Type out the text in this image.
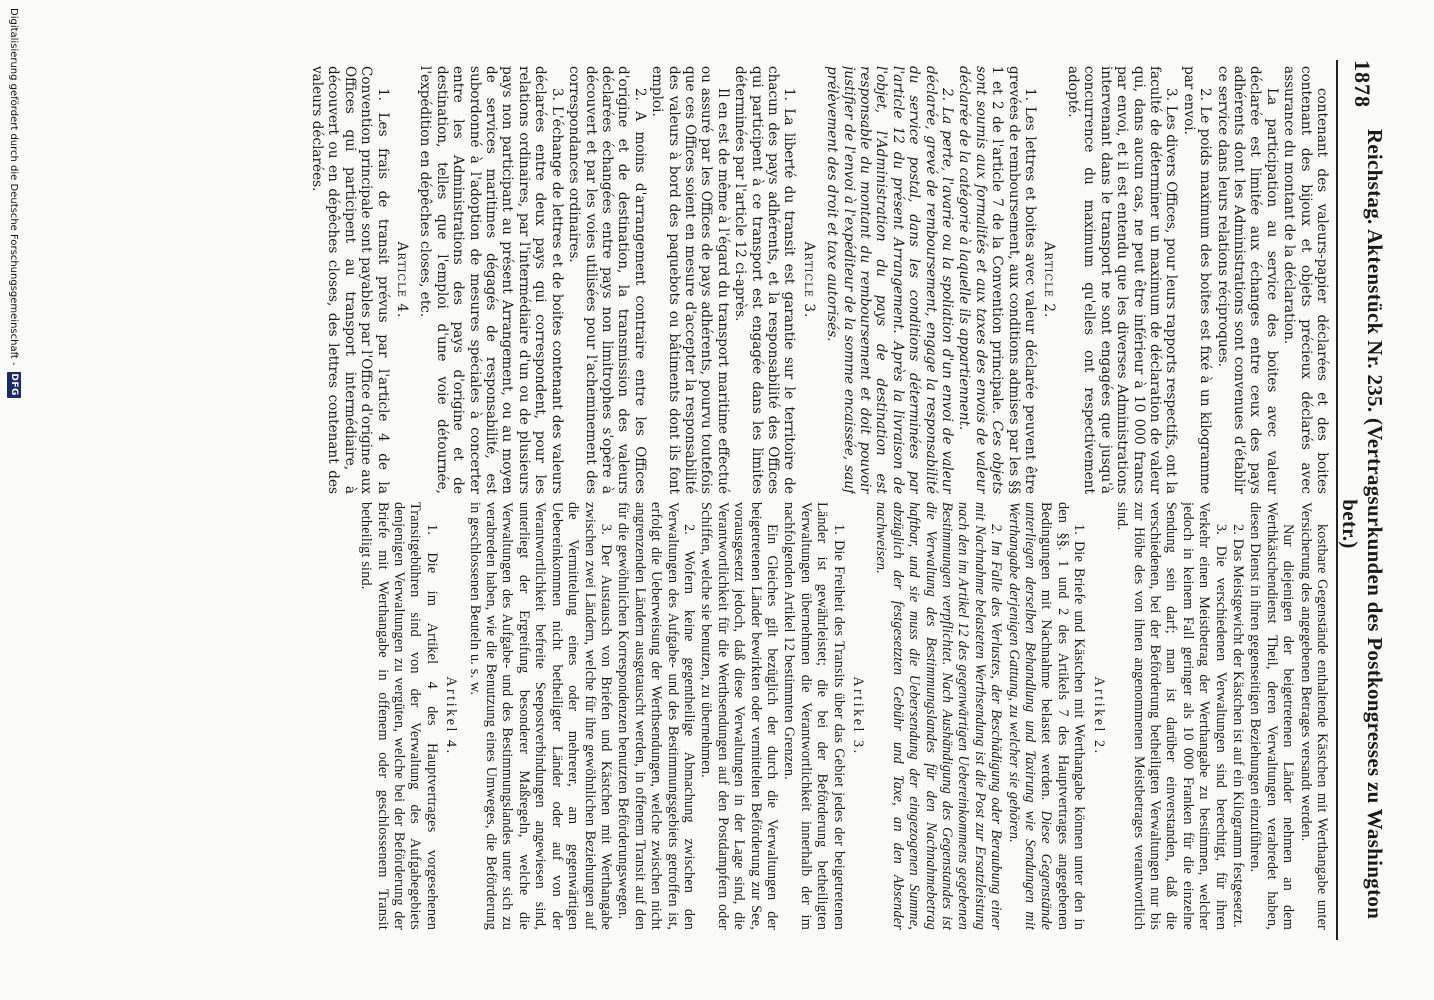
1878
Reichstag. Aktenstück Nr. 235. (Vertragsurkunden des Postkongresses zu Washington betr.)

contenant des valeurs-papier déclarées et des boites contenant des bijoux et objets précieux déclarés avec assurance du montant de la déclaration.

La participation au service des boites avec valeur déclarée est limitée aux échanges entre ceux des pays adhérents dont les Administrations sont convenues d'établir ce service dans leurs relations réciproques.

2. Le poids maximum des boites est fixé à un kilogramme par envoi.

3. Les divers Offices, pour leurs rapports respectifs, ont la faculté de déterminer un maximum de déclaration de valeur qui, dans aucun cas, ne peut être inférieur à 10 000 francs par envoi, et il est entendu que les diverses Administrations intervenant dans le transport ne sont engagées que jusqu'à concurrence du maximum qu'elles ont respectivement adopté.

Article 2.

1. Les lettres et boites avec valeur déclarée peuvent être grevées de remboursement, aux conditions admises par les §§ 1 et 2 de l'article 7 de la Convention principale. Ces objets sont soumis aux formalités et aux taxes des envois de valeur déclarée de la catégorie à laquelle ils appartiennent.

2. La perte, l'avarie ou la spoliation d'un envoi de valeur déclarée, grevé de remboursement, engage la responsabilité du service postal, dans les conditions déterminées par l'article 12 du présent Arrangement. Après la livraison de l'objet, l'Administration du pays de destination est responsable du montant du remboursement et doit pouvoir justifier de l'envoi à l'expéditeur de la somme encaissée, sauf prélèvement des droit et taxe autorisés.

Article 3.

1. La liberté du transit est garantie sur le territoire de chacun des pays adhérents, et la responsabilité des Offices qui participent à ce transport est engagée dans les limites déterminées par l'article 12 ci-après.

Il en est de même à l'égard du transport maritime effectué ou assuré par les Offices de pays adhérents, pourvu toutefois que ces Offices soient en mesure d'accepter la responsabilité des valeurs à bord des paquebots ou bâtiments dont ils font emploi.

2. A moins d'arrangement contraire entre les Offices d'origine et de destination, la transmission des valeurs déclarées échangées entre pays non limitrophes s'opère à découvert et par les voies utilisées pour l'acheminement des correspondances ordinaires.

3. L'échange de lettres et de boites contenant des valeurs déclarées entre deux pays qui correspondent, pour les relations ordinaires, par l'intermédiaire d'un ou de plusieurs pays non participant au présent Arrangement, ou au moyen de services maritimes dégagés de responsabilité, est subordonné à l'adoption de mesures spéciales à concerter entre les Administrations des pays d'origine et de destination, telles que l'emploi d'une voie détournée, l'expédition en dépêches closes, etc.

Article 4.

1. Les frais de transit prévus par l'article 4 de la Convention principale sont payables par l'Office d'origine aux Offices qui participent au transport intermédiaire, à découvert ou en dépêches closes, des lettres contenant des valeurs déclarées.

kostbare Gegenstände enthaltende Kästchen mit Werthangabe unter Versicherung des angegebenen Betrages versandt werden.

Nur diejenigen der beigetretenen Länder nehmen an dem Werthkästchendienst Theil, deren Verwaltungen verabredet haben, diesen Dienst in ihren gegenseitigen Beziehungen einzuführen.

2. Das Meistgewicht der Kästchen ist auf ein Kilogramm festgesetzt.

3. Die verschiedenen Verwaltungen sind berechtigt, für ihren Verkehr einen Meistbetrag der Werthangabe zu bestimmen, welcher jedoch in keinem Fall geringer als 10 000 Franken für die einzelne Sendung sein darf; man ist darüber einverstanden, daß die verschiedenen, bei der Beförderung betheiligten Verwaltungen nur bis zur Höhe des von ihnen angenommenen Meistbetrages verantwortlich sind.

Artikel 2.

1. Die Briefe und Kästchen mit Werthangabe können unter den in den §§. 1 und 2 des Artikels 7 des Hauptvertrages angegebenen Bedingungen mit Nachnahme belastet werden. Diese Gegenstände unterliegen derselben Behandlung und Taxirung wie Sendungen mit Werthangabe derjenigen Gattung, zu welcher sie gehören.

2. Im Falle des Verlustes, der Beschädigung oder Beraubung einer mit Nachnahme belasteten Werthsendung ist die Post zur Ersatzleistung nach den im Artikel 12 des gegenwärtigen Uebereinkommens gegebenen Bestimmungen verpflichtet. Nach Aushändigung des Gegenstandes ist die Verwaltung des Bestimmungslandes für den Nachnahmebetrag haftbar, und sie muss die Uebersendung der eingezogenen Summe, abzüglich der festgesetzten Gebühr und Taxe, an den Absender nachweisen.

Artikel 3.

1. Die Freiheit des Transits über das Gebiet jedes der beigetretenen Länder ist gewährleistet; die bei der Beförderung betheiligten Verwaltungen übernehmen die Verantwortlichkeit innerhalb der im nachfolgenden Artikel 12 bestimmten Grenzen.

Ein Gleiches gilt bezüglich der durch die Verwaltungen der beigetretenen Länder bewirkten oder vermittelten Beförderung zur See, vorausgesetzt jedoch, daß diese Verwaltungen in der Lage sind, die Verantwortlichkeit für die Werthsendungen auf den Postdampfern oder Schiffen, welche sie benutzen, zu übernehmen.

2. Wofern keine gegentheilige Abmachung zwischen den Verwaltungen des Aufgabe- und des Bestimmungsgebiets getroffen ist, erfolgt die Ueberweisung der Werthsendungen, welche zwischen nicht angrenzenden Ländern ausgetauscht werden, in offenem Transit auf den für die gewöhnlichen Korrespondenzen benutzten Beförderungswegen.

3. Der Austausch von Briefen und Kästchen mit Werthangabe zwischen zwei Ländern, welche für ihre gewöhnlichen Beziehungen auf die Vermittelung eines oder mehrerer, am gegenwärtigen Uebereinkommen nicht betheiligter Länder oder auf von der Verantwortlichkeit befreite Seepostverbindungen angewiesen sind, unterliegt der Ergreifung besonderer Maßregeln, welche die Verwaltungen des Aufgabe- und des Bestimmungslandes unter sich zu verabreden haben, wie die Benutzung eines Umweges, die Beförderung in geschlossenen Beuteln u. s. w.

Artikel 4.

1. Die im Artikel 4 des Hauptvertrages vorgesehenen Transitgebühren sind von der Verwaltung des Aufgabegebiets denjenigen Verwaltungen zu vergüten, welche bei der Beförderung der Briefe mit Werthangabe in offenem oder geschlossenem Transit betheiligt sind.

Digitalisierung gefördert durch die Deutsche Forschungsgemeinschaft -
DFG
